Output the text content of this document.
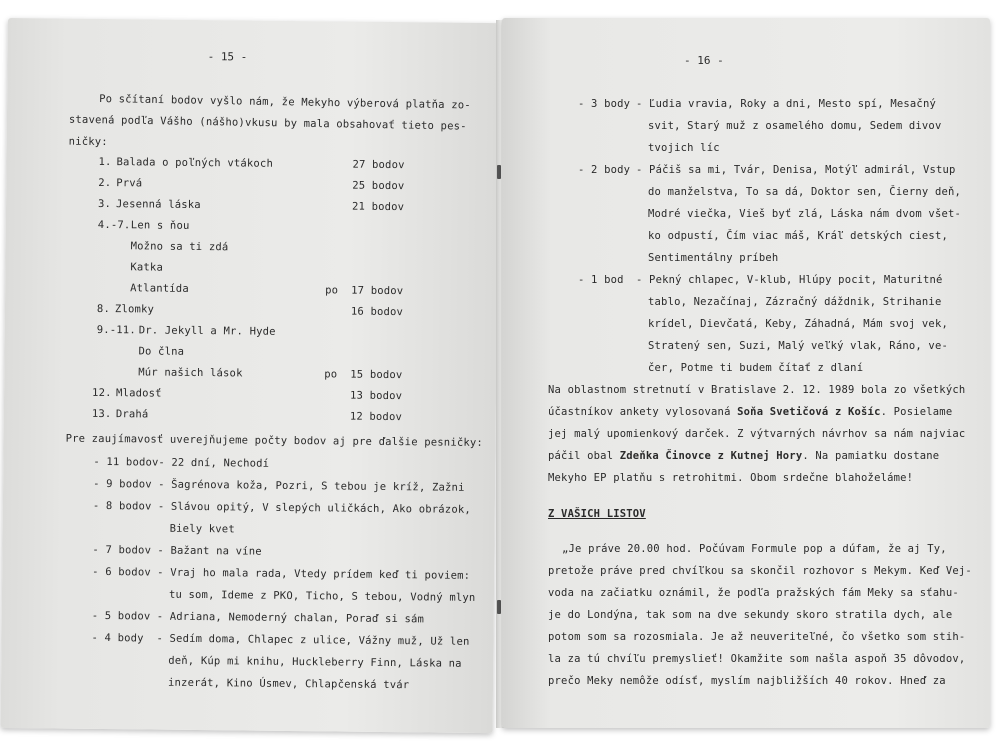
- 15 -
Po sčítaní bodov vyšlo nám, že Mekyho výberová platňa zo-
stavená podľa Vášho (nášho)vkusu by mala obsahovať tieto pes-
ničky:
1. Balada o poľných vtákoch	27 bodov
2. Prvá	25 bodov
3. Jesenná láska	21 bodov
4.-7. Len s ňou
Možno sa ti zdá
Katka
Atlantída	po 17 bodov
8. Zlomky	16 bodov
9.-11. Dr. Jekyll a Mr. Hyde
Do člna
Múr našich lások	po 15 bodov
12. Mladosť	13 bodov
13. Drahá	12 bodov
Pre zaujímavosť uverejňujeme počty bodov aj pre ďalšie pesničky:
- 11 bodov - 22 dní, Nechodí
- 9 bodov - Šagrénova koža, Pozri, S tebou je kríž, Zažni
- 8 bodov - Slávou opitý, V slepých uličkách, Ako obrázok,
Biely kvet
- 7 bodov - Bažant na víne
- 6 bodov - Vraj ho mala rada, Vtedy prídem keď ti poviem:
tu som, Ideme z PKO, Ticho, S tebou, Vodný mlyn
- 5 bodov - Adriana, Nemoderný chalan, Poraď si sám
- 4 body - Sedím doma, Chlapec z ulice, Vážny muž, Už len
deň, Kúp mi knihu, Huckleberry Finn, Láska na
inzerát, Kino Úsmev, Chlapčenská tvár
- 16 -
- 3 body - Ľudia vravia, Roky a dni, Mesto spí, Mesačný
svit, Starý muž z osamelého domu, Sedem divov
tvojich líc
- 2 body - Páčiš sa mi, Tvár, Denisa, Motýľ admirál, Vstup
do manželstva, To sa dá, Doktor sen, Čierny deň,
Modré viečka, Vieš byť zlá, Láska nám dvom všet-
ko odpustí, Čím viac máš, Kráľ detských ciest,
Sentimentálny príbeh
- 1 bod - Pekný chlapec, V-klub, Hlúpy pocit, Maturitné
tablo, Nezačínaj, Zázračný dáždnik, Strihanie
krídel, Dievčatá, Keby, Záhadná, Mám svoj vek,
Stratený sen, Suzi, Malý veľký vlak, Ráno, ve-
čer, Potme ti budem čítať z dlaní
Na oblastnom stretnutí v Bratislave 2. 12. 1989 bola zo všetkých
účastníkov ankety vylosovaná Soňa Svetičová z Košíc. Posielame
jej malý upomienkový darček. Z výtvarných návrhov sa nám najviac
páčil obal Zdeňka Činovce z Kutnej Hory. Na pamiatku dostane
Mekyho EP platňu s retrohitmi. Obom srdečne blahoželáme!
Z VAŠICH LISTOV
„Je práve 20.00 hod. Počúvam Formule pop a dúfam, že aj Ty,
pretože práve pred chvíľkou sa skončil rozhovor s Mekym. Keď Vej-
voda na začiatku oznámil, že podľa pražských fám Meky sa sťahu-
je do Londýna, tak som na dve sekundy skoro stratila dych, ale
potom som sa rozosmiala. Je až neuveriteľné, čo všetko som stih-
la za tú chvíľu premyslieť! Okamžite som našla aspoň 35 dôvodov,
prečo Meky nemôže odísť, myslím najbližších 40 rokov. Hneď za
